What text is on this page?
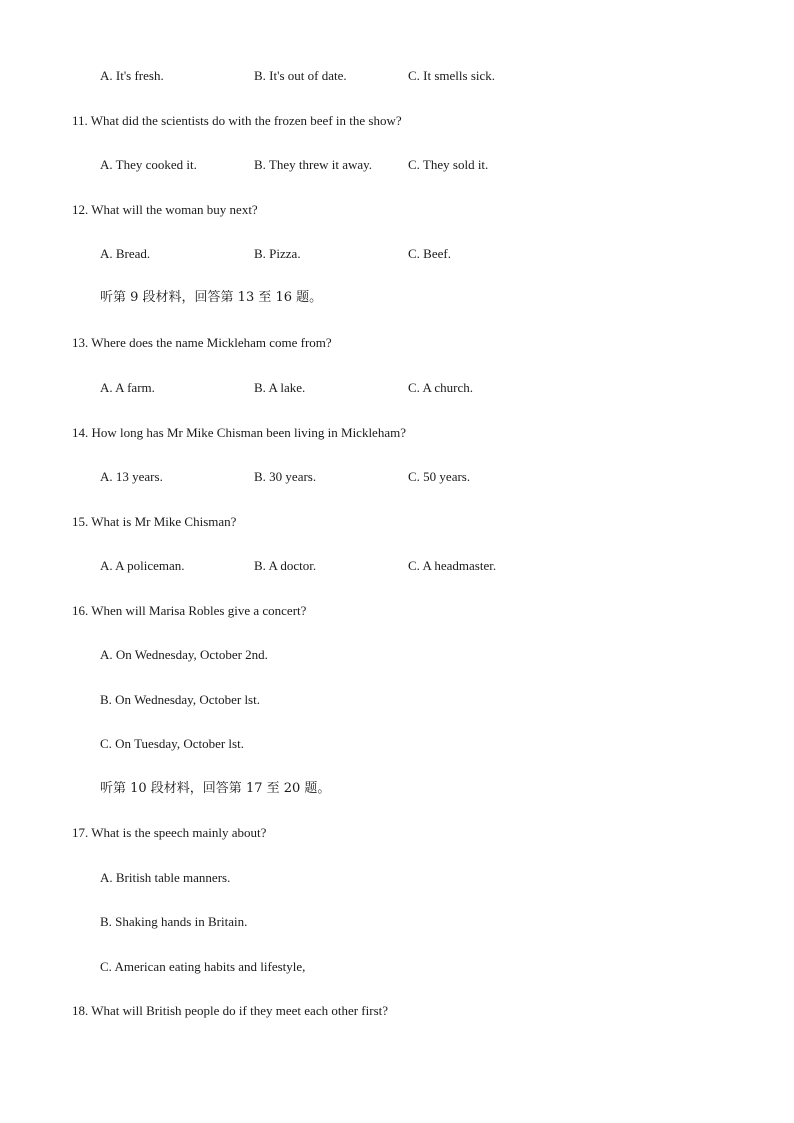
A. It's fresh.	B. It's out of date.	C. It smells sick.
11. What did the scientists do with the frozen beef in the show?
A. They cooked it.	B. They threw it away.	C. They sold it.
12. What will the woman buy next?
A. Bread.	B. Pizza.	C. Beef.
听第 9 段材料，回答第 13 至 16 题。
13. Where does the name Mickleham come from?
A. A farm.	B. A lake.	C. A church.
14. How long has Mr Mike Chisman been living in Mickleham?
A. 13 years.	B. 30 years.	C. 50 years.
15. What is Mr Mike Chisman?
A. A policeman.	B. A doctor.	C. A headmaster.
16. When will Marisa Robles give a concert?
A. On Wednesday, October 2nd.
B. On Wednesday, October lst.
C. On Tuesday, October lst.
听第 10 段材料，回答第 17 至 20 题。
17. What is the speech mainly about?
A. British table manners.
B. Shaking hands in Britain.
C. American eating habits and lifestyle,
18. What will British people do if they meet each other first?
